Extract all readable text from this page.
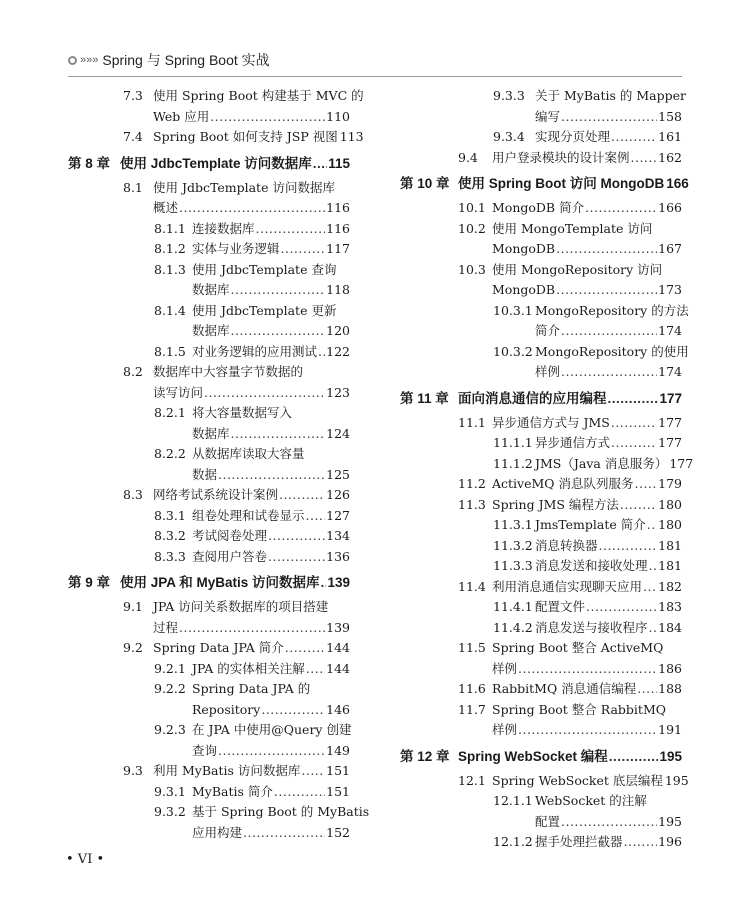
»»» Spring 与 Spring Boot 实战
7.3 使用 Spring Boot 构建基于 MVC 的
Web 应用 .....	110
7.4 Spring Boot 如何支持 JSP 视图 113
第 8 章 使用 JdbcTemplate 访问数据库 ..... 115
8.1 使用 JdbcTemplate 访问数据库
概述 .....	116
8.1.1 连接数据库 .....	116
8.1.2 实体与业务逻辑 .....	117
8.1.3 使用 JdbcTemplate 查询
数据库 .....	118
8.1.4 使用 JdbcTemplate 更新
数据库 .....	120
8.1.5 对业务逻辑的应用测试 ..... 122
8.2 数据库中大容量字节数据的
读写访问 .....	123
8.2.1 将大容量数据写入
数据库 .....	124
8.2.2 从数据库读取大容量
数据 .....	125
8.3 网络考试系统设计案例 .....	126
8.3.1 组卷处理和试卷显示 ..... 127
8.3.2 考试阅卷处理 .....	134
8.3.3 查阅用户答卷 .....	136
第 9 章 使用 JPA 和 MyBatis 访问数据库 ..... 139
9.1 JPA 访问关系数据库的项目搭建
过程 .....	139
9.2 Spring Data JPA 简介 .....	144
9.2.1 JPA 的实体相关注解 ..... 144
9.2.2 Spring Data JPA 的
Repository .....	146
9.2.3 在 JPA 中使用@Query 创建
查询 .....	149
9.3 利用 MyBatis 访问数据库 ..... 151
9.3.1 MyBatis 简介 .....	151
9.3.2 基于 Spring Boot 的 MyBatis
应用构建 .....	152
9.3.3 关于 MyBatis 的 Mapper
编写 .....	158
9.3.4 实现分页处理 .....	161
9.4	用户登录模块的设计案例 ..... 162
第 10 章 使用 Spring Boot 访问 MongoDB 166
10.1 MongoDB 简介 .....	166
10.2 使用 MongoTemplate 访问
MongoDB .....	167
10.3 使用 MongoRepository 访问
MongoDB .....	173
10.3.1 MongoRepository 的方法
简介 .....	174
10.3.2 MongoRepository 的使用
样例 .....	174
第 11 章 面向消息通信的应用编程 .....	177
11.1 异步通信方式与 JMS .....	177
11.1.1 异步通信方式 .....	177
11.1.2 JMS（Java 消息服务） 177
11.2 ActiveMQ 消息队列服务 ..... 179
11.3 Spring JMS 编程方法 .....	180
11.3.1 JmsTemplate 简介 ..... 180
11.3.2 消息转换器 .....	181
11.3.3 消息发送和接收处理 ..... 181
11.4 利用消息通信实现聊天应用 ..... 182
11.4.1 配置文件 .....	183
11.4.2 消息发送与接收程序 ..... 184
11.5 Spring Boot 整合 ActiveMQ
样例 .....	186
11.6 RabbitMQ 消息通信编程 ..... 188
11.7 Spring Boot 整合 RabbitMQ
样例 .....	191
第 12 章 Spring WebSocket 编程 .....	195
12.1 Spring WebSocket 底层编程 195
12.1.1 WebSocket 的注解
配置 .....	195
12.1.2 握手处理拦截器 .....	196
• VI •
